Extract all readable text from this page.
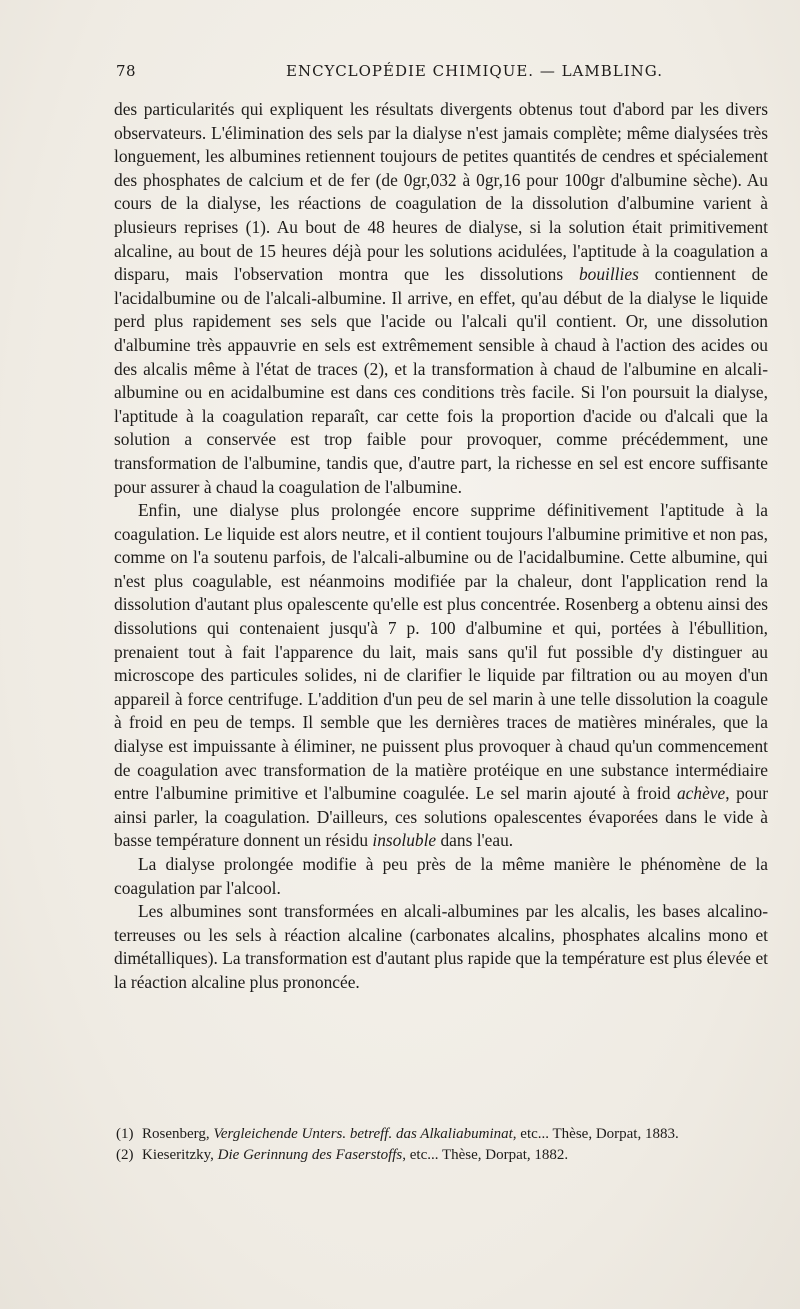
78	ENCYCLOPÉDIE CHIMIQUE. — LAMBLING.

des particularités qui expliquent les résultats divergents obtenus tout d'abord par les divers observateurs. L'élimination des sels par la dialyse n'est jamais complète; même dialysées très longuement, les albumines retiennent toujours de petites quantités de cendres et spécialement des phosphates de calcium et de fer (de 0gr,032 à 0gr,16 pour 100gr d'albumine sèche). Au cours de la dialyse, les réactions de coagulation de la dissolution d'albumine varient à plusieurs reprises (1). Au bout de 48 heures de dialyse, si la solution était primitivement alcaline, au bout de 15 heures déjà pour les solutions acidulées, l'aptitude à la coagulation a disparu, mais l'observation montra que les dissolutions bouillies contiennent de l'acidalbumine ou de l'alcali-albumine. Il arrive, en effet, qu'au début de la dialyse le liquide perd plus rapidement ses sels que l'acide ou l'alcali qu'il contient. Or, une dissolution d'albumine très appauvrie en sels est extrêmement sensible à chaud à l'action des acides ou des alcalis même à l'état de traces (2), et la transformation à chaud de l'albumine en alcali-albumine ou en acidalbumine est dans ces conditions très facile. Si l'on poursuit la dialyse, l'aptitude à la coagulation reparaît, car cette fois la proportion d'acide ou d'alcali que la solution a conservée est trop faible pour provoquer, comme précédemment, une transformation de l'albumine, tandis que, d'autre part, la richesse en sel est encore suffisante pour assurer à chaud la coagulation de l'albumine.

Enfin, une dialyse plus prolongée encore supprime définitivement l'aptitude à la coagulation. Le liquide est alors neutre, et il contient toujours l'albumine primitive et non pas, comme on l'a soutenu parfois, de l'alcali-albumine ou de l'acidalbumine. Cette albumine, qui n'est plus coagulable, est néanmoins modifiée par la chaleur, dont l'application rend la dissolution d'autant plus opalescente qu'elle est plus concentrée. Rosenberg a obtenu ainsi des dissolutions qui contenaient jusqu'à 7 p. 100 d'albumine et qui, portées à l'ébullition, prenaient tout à fait l'apparence du lait, mais sans qu'il fut possible d'y distinguer au microscope des particules solides, ni de clarifier le liquide par filtration ou au moyen d'un appareil à force centrifuge. L'addition d'un peu de sel marin à une telle dissolution la coagule à froid en peu de temps. Il semble que les dernières traces de matières minérales, que la dialyse est impuissante à éliminer, ne puissent plus provoquer à chaud qu'un commencement de coagulation avec transformation de la matière protéique en une substance intermédiaire entre l'albumine primitive et l'albumine coagulée. Le sel marin ajouté à froid achève, pour ainsi parler, la coagulation. D'ailleurs, ces solutions opalescentes évaporées dans le vide à basse température donnent un résidu insoluble dans l'eau.

La dialyse prolongée modifie à peu près de la même manière le phénomène de la coagulation par l'alcool.

Les albumines sont transformées en alcali-albumines par les alcalis, les bases alcalino-terreuses ou les sels à réaction alcaline (carbonates alcalins, phosphates alcalins mono et dimétalliques). La transformation est d'autant plus rapide que la température est plus élevée et la réaction alcaline plus prononcée.

(1) Rosenberg, Vergleichende Unters. betreff. das Alkaliabuminat, etc... Thèse, Dorpat, 1883.

(2) Kieseritzky, Die Gerinnung des Faserstoffs, etc... Thèse, Dorpat, 1882.
